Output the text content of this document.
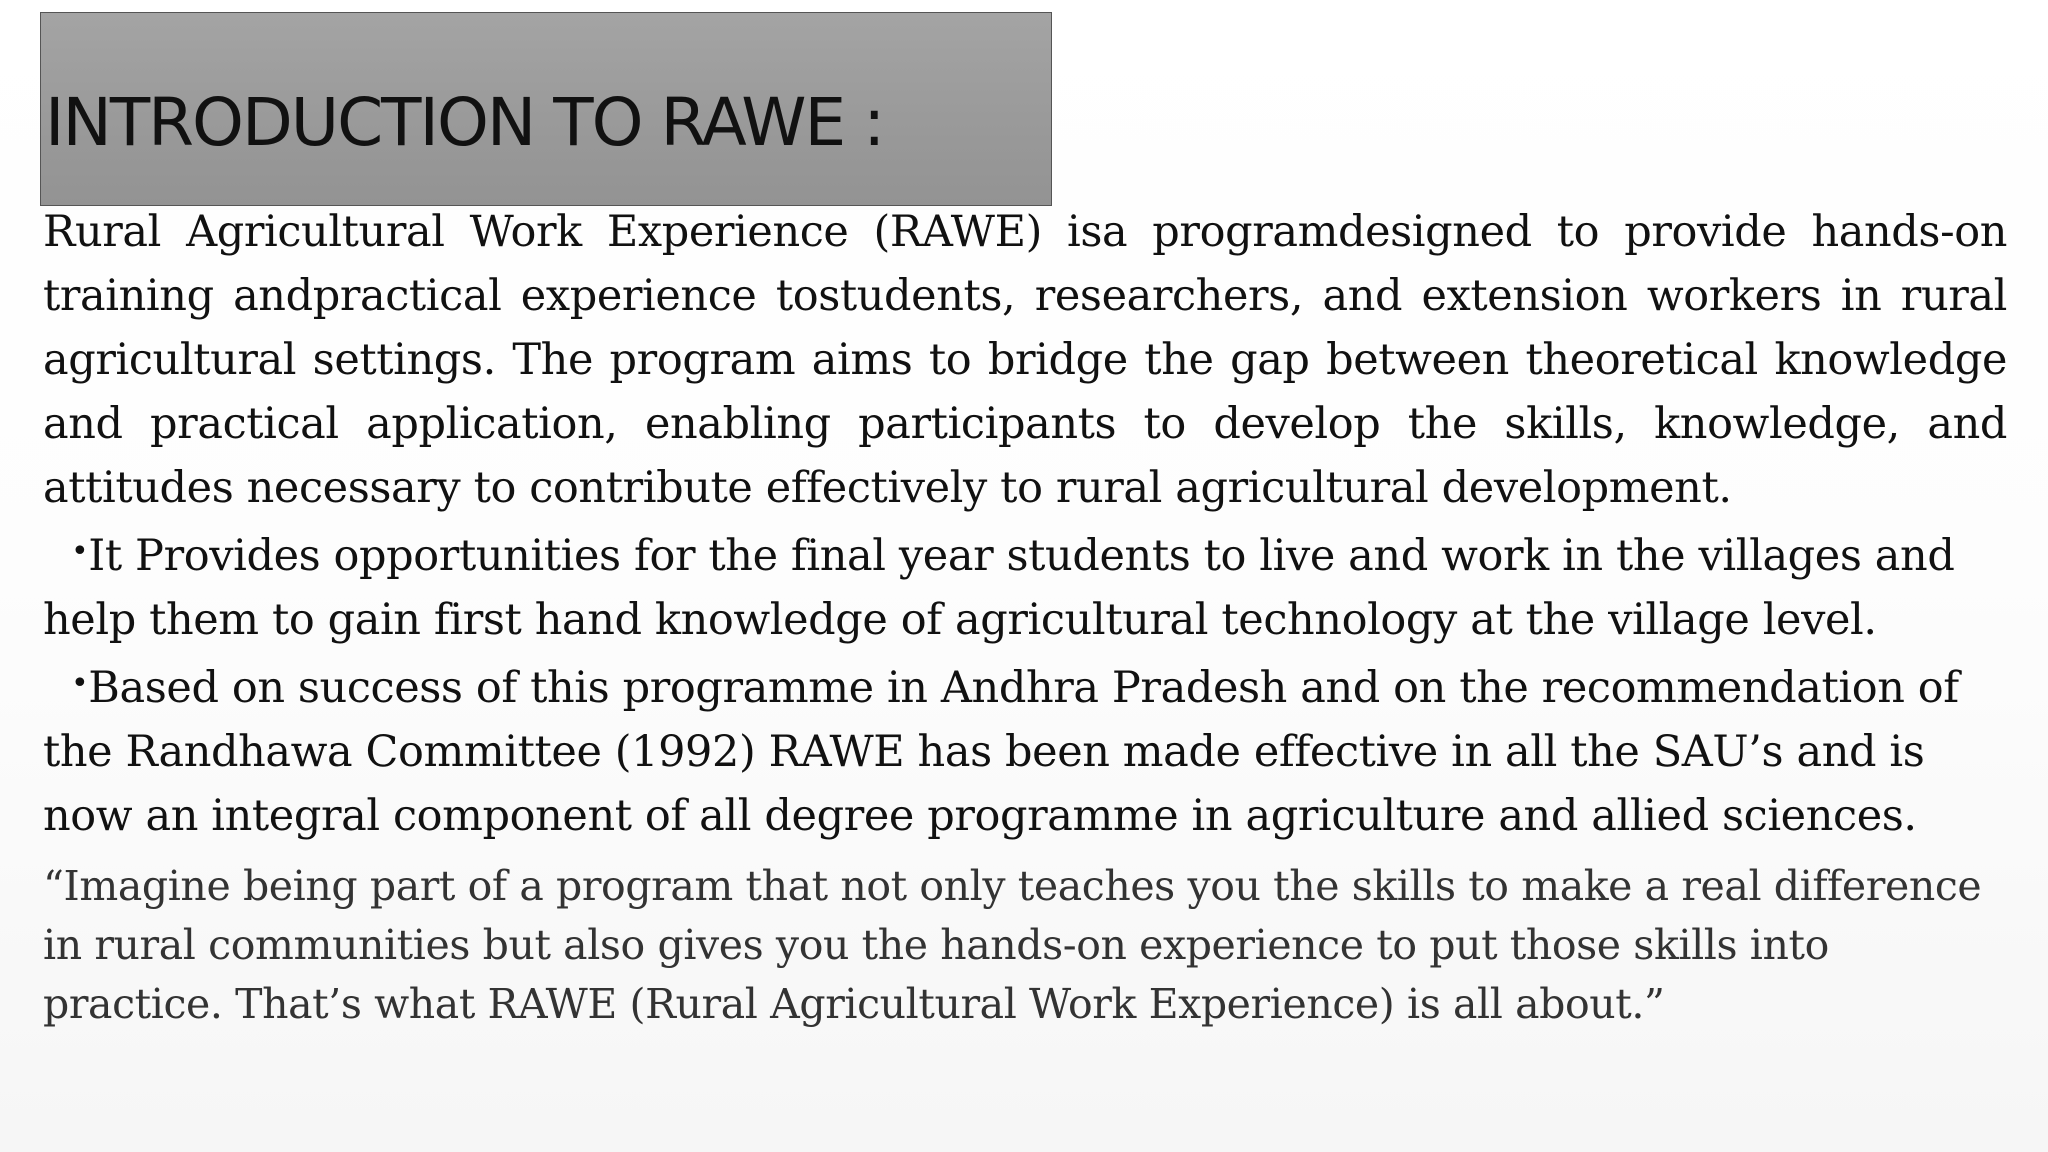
INTRODUCTION TO RAWE :

Rural Agricultural Work Experience (RAWE) isa programdesigned to provide hands-on training andpractical experience tostudents, researchers, and extension workers in rural agricultural settings. The program aims to bridge the gap between theoretical knowledge and practical application, enabling participants to develop the skills, knowledge, and attitudes necessary to contribute effectively to rural agricultural development.

•It Provides opportunities for the final year students to live and work in the villages and help them to gain first hand knowledge of agricultural technology at the village level.

•Based on success of this programme in Andhra Pradesh and on the recommendation of the Randhawa Committee (1992) RAWE has been made effective in all the SAU’s and is now an integral component of all degree programme in agriculture and allied sciences.

“Imagine being part of a program that not only teaches you the skills to make a real difference in rural communities but also gives you the hands-on experience to put those skills into practice. That’s what RAWE (Rural Agricultural Work Experience) is all about.”
